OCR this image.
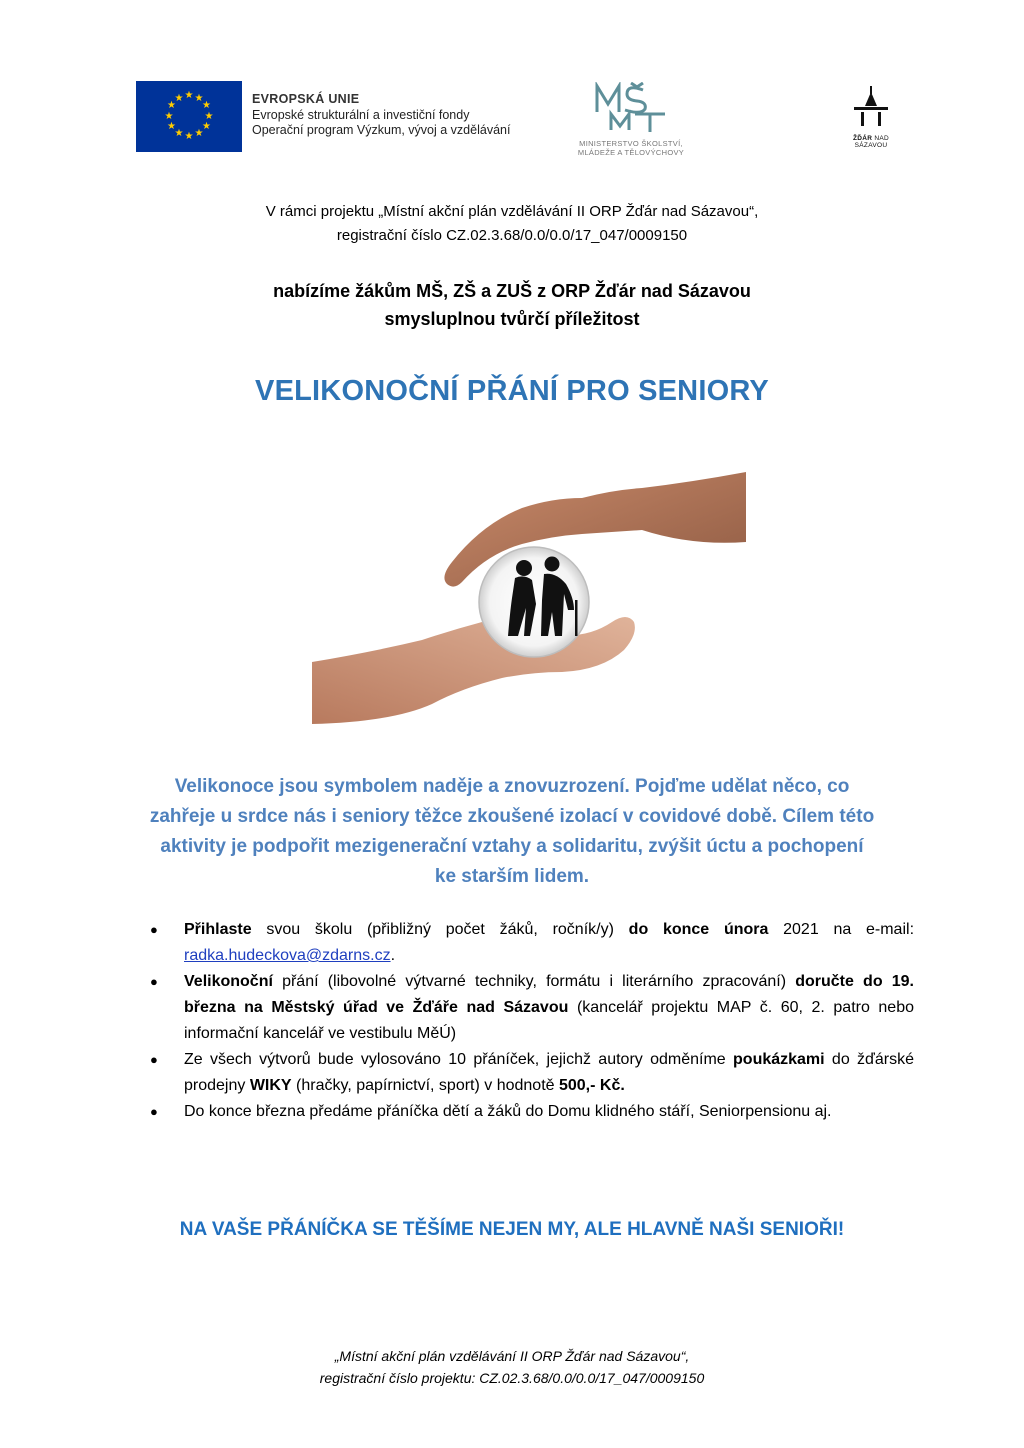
★ ★
★
★
★
★
★
★
★
★
★
★	EVROPSKÁ UNIE
Evropské strukturální a investiční fondy
Operační program Výzkum, vývoj a vzdělávání
MINISTERSTVO ŠKOLSTVÍ,
MLÁDEŽE A TĚLOVÝCHOVY
ŽĎÁR NAD SÁZAVOU
V rámci projektu „Místní akční plán vzdělávání II ORP Žďár nad Sázavou“,
registrační číslo CZ.02.3.68/0.0/0.0/17_047/0009150
nabízíme žákům MŠ, ZŠ a ZUŠ z ORP Žďár nad Sázavou
smysluplnou tvůrčí příležitost
VELIKONOČNÍ PŘÁNÍ PRO SENIORY
Velikonoce jsou symbolem naděje a znovuzrození. Pojďme udělat něco, co
zahřeje u srdce nás i seniory těžce zkoušené izolací v covidové době. Cílem této
aktivity je podpořit mezigenerační vztahy a solidaritu, zvýšit úctu a pochopení
ke starším lidem.
● Přihlaste svou školu (přibližný počet žáků, ročník/y) do konce února 2021 na e-mail: radka.hudeckova@zdarns.cz.
● Velikonoční přání (libovolné výtvarné techniky, formátu i literárního zpracování) doručte do 19. března na Městský úřad ve Žďáře nad Sázavou (kancelář projektu MAP č. 60, 2. patro nebo informační kancelář ve vestibulu MěÚ)
● Ze všech výtvorů bude vylosováno 10 přáníček, jejichž autory odměníme poukázkami do žďárské prodejny WIKY (hračky, papírnictví, sport) v hodnotě 500,- Kč.
● Do konce března předáme přáníčka dětí a žáků do Domu klidného stáří, Seniorpensionu aj.
NA VAŠE PŘÁNÍČKA SE TĚŠÍME NEJEN MY, ALE HLAVNĚ NAŠI SENIOŘI!
„Místní akční plán vzdělávání II ORP Žďár nad Sázavou“,
registrační číslo projektu: CZ.02.3.68/0.0/0.0/17_047/0009150
